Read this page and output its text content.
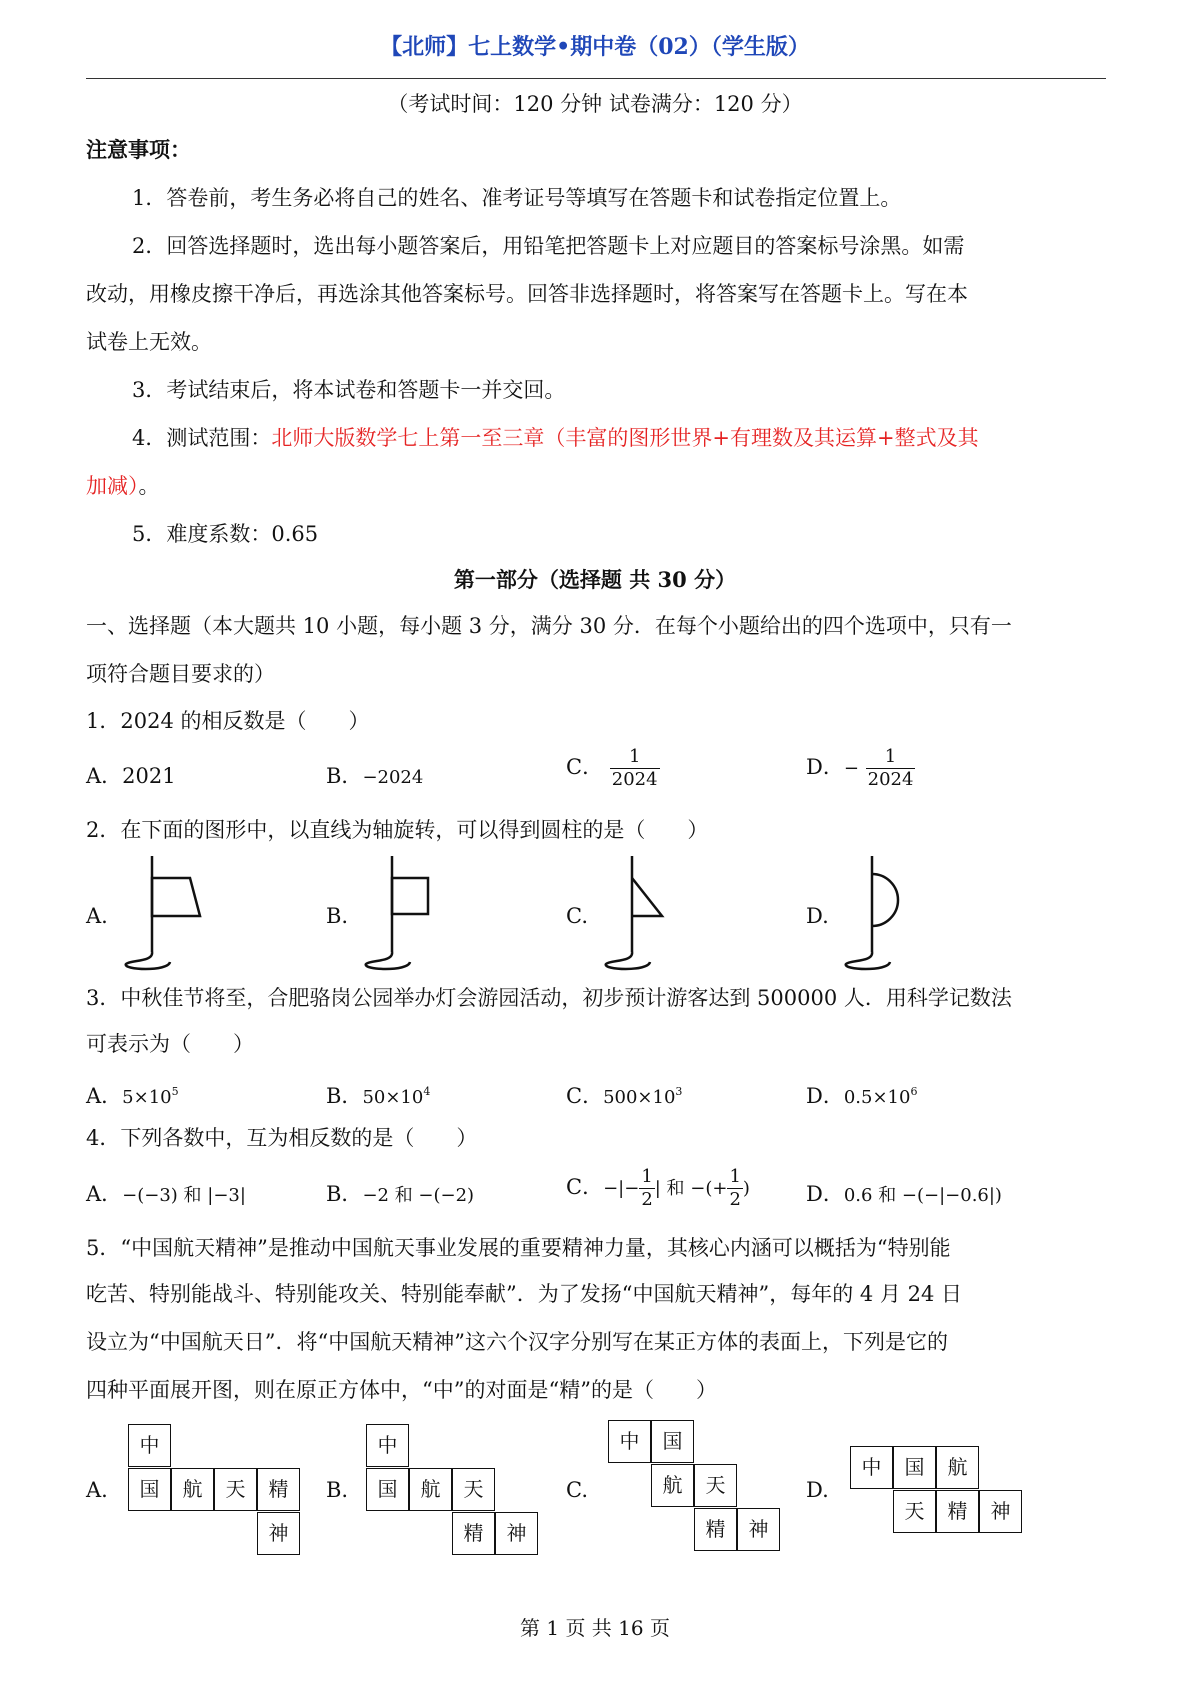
【北师】七上数学•期中卷（02）（学生版）
（考试时间：120 分钟 试卷满分：120 分）
注意事项：
1．答卷前，考生务必将自己的姓名、准考证号等填写在答题卡和试卷指定位置上。
2．回答选择题时，选出每小题答案后，用铅笔把答题卡上对应题目的答案标号涂黑。如需
改动，用橡皮擦干净后，再选涂其他答案标号。回答非选择题时，将答案写在答题卡上。写在本
试卷上无效。
3．考试结束后，将本试卷和答题卡一并交回。
4．测试范围：北师大版数学七上第一至三章（丰富的图形世界+有理数及其运算+整式及其
加减）。
5．难度系数：0.65
第一部分（选择题 共 30 分）
一、选择题（本大题共 10 小题，每小题 3 分，满分 30 分．在每个小题给出的四个选项中，只有一
项符合题目要求的）
1．2024 的相反数是（　　）
A．2021	B．−2024	C． $\frac{1}{2024}$	D．− $\frac{1}{2024}$
2．在下面的图形中，以直线为轴旋转，可以得到圆柱的是（　　）
A.	B.	C.	D.
3．中秋佳节将至，合肥骆岗公园举办灯会游园活动，初步预计游客达到 500000 人．用科学记数法
可表示为（　　）
A．$5\times 10^5$	B．$50\times 10^4$	C．$500\times 10^3$	D．$0.5\times 10^6$
4．下列各数中，互为相反数的是（　　）
A．−(−3) 和 |−3|	B．−2 和 −(−2)	C．−|− $\frac{1}{2}$ | 和 −(+ $\frac{1}{2}$ )	D．0.6 和 −(−|−0.6|)
5．“中国航天精神”是推动中国航天事业发展的重要精神力量，其核心内涵可以概括为“特别能
吃苦、特别能战斗、特别能攻关、特别能奉献”．为了发扬“中国航天精神”，每年的 4 月 24 日
设立为“中国航天日”．将“中国航天精神”这六个汉字分别写在某正方体的表面上，下列是它的
四种平面展开图，则在原正方体中，“中”的对面是“精”的是（　　）
A.	B.	C.	D.
中
国	航	天	精
神
中
国	航	天
精	神
中	国
航	天
精	神
中	国	航
天	精	神
第 1 页 共 16 页
